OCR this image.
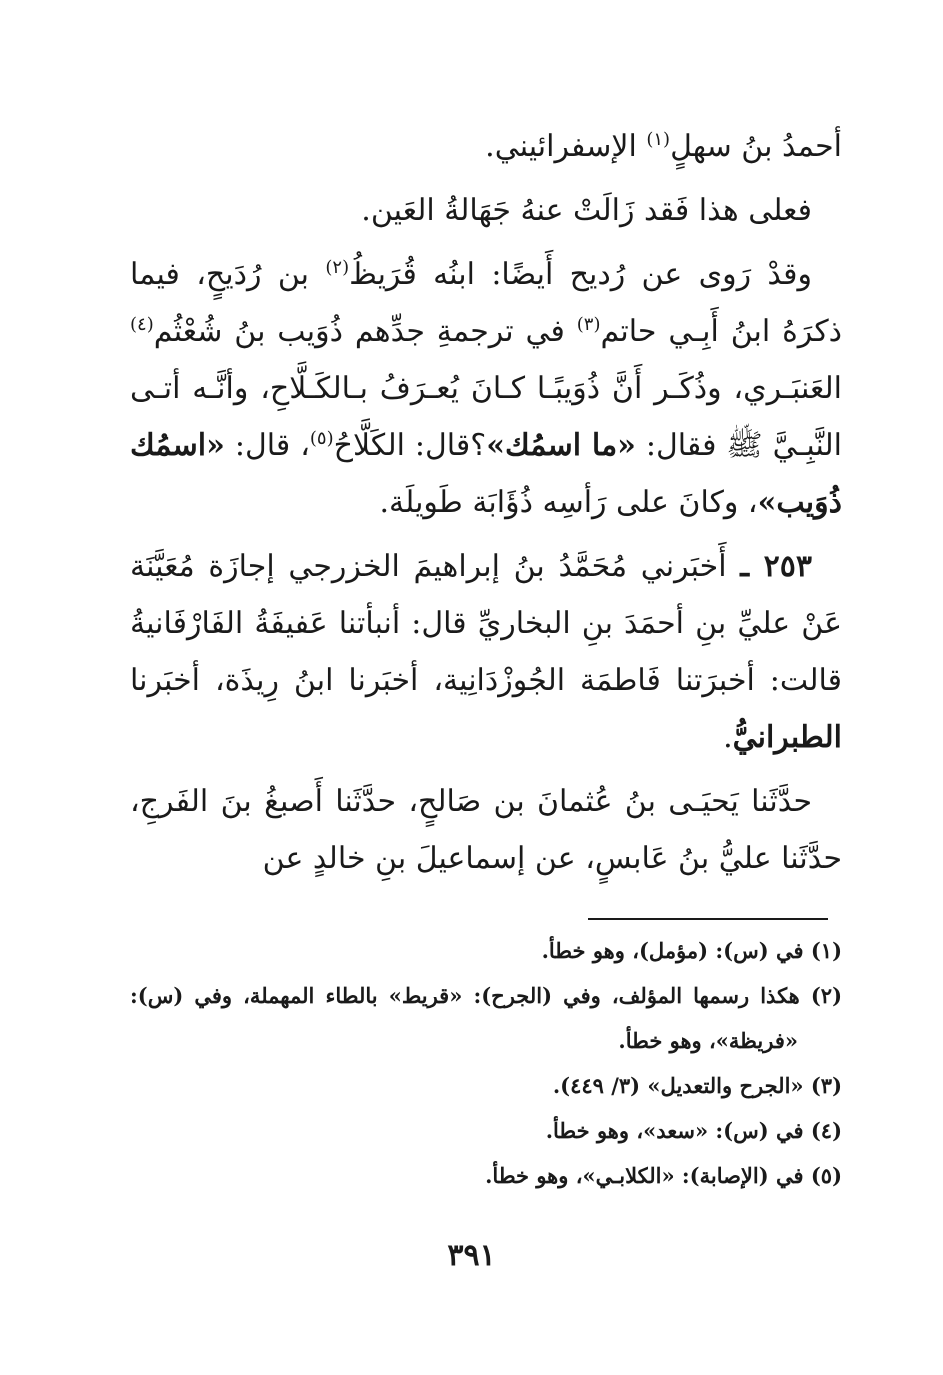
أحمدُ بنُ سهلٍ$^{(١)}$ الإسفرائيني.

فعلى هذا فَقد زَالَتْ عنهُ جَهَالةُ العَين.

وقدْ رَوى عن رُديح أَيضًا: ابنُه قُرَيظُ$^{(٢)}$ بن رُدَيحٍ، فيما ذكرَهُ ابنُ أَبِـي حاتم$^{(٣)}$ في ترجمةِ جدِّهم ذُوَيب بنُ شُعْثُم$^{(٤)}$ العَنبَـري، وذُكَـر أَنَّ ذُوَيبًـا كـانَ يُعـرَفُ بـالكَـلَّاحِ، وأنَّـه أتـى النَّبِـيَّ ﷺ فقال: «ما اسمُك»؟قال: الكَلَّاحُ$^{(٥)}$، قال: «اسمُك ذُوَيب»، وكانَ على رَأسِه ذُؤَابَة طَويلَة.

٢٥٣ ـ أَخبَرني مُحَمَّدُ بنُ إبراهيمَ الخزرجي إجازَة مُعَيَّنَة عَنْ عليِّ بنِ أحمَدَ بنِ البخاريِّ قال: أنبأتنا عَفيفَةُ الفَارْفَانيةُ قالت: أخبرَتنا فَاطمَة الجُوزْدَانِية، أخبَرنا ابنُ رِيذَة، أخبَرنا الطبرانيُّ.

حدَّثَنا يَحيَـى بنُ عُثمانَ بن صَالحٍ، حدَّثَنا أَصبغُ بنَ الفَرجِ، حدَّثَنا عليُّ بنُ عَابسٍ، عن إسماعيلَ بنِ خالدٍ عن

(١) في (س): (مؤمل)، وهو خطأ.
(٢) هكذا رسمها المؤلف، وفي (الجرح): «قريط» بالطاء المهملة، وفي (س): «فريظة»، وهو خطأ.
(٣) «الجرح والتعديل» (٣/ ٤٤٩).
(٤) في (س): «سعد»، وهو خطأ.
(٥) في (الإصابة): «الكلابـي»، وهو خطأ.
٣٩١
